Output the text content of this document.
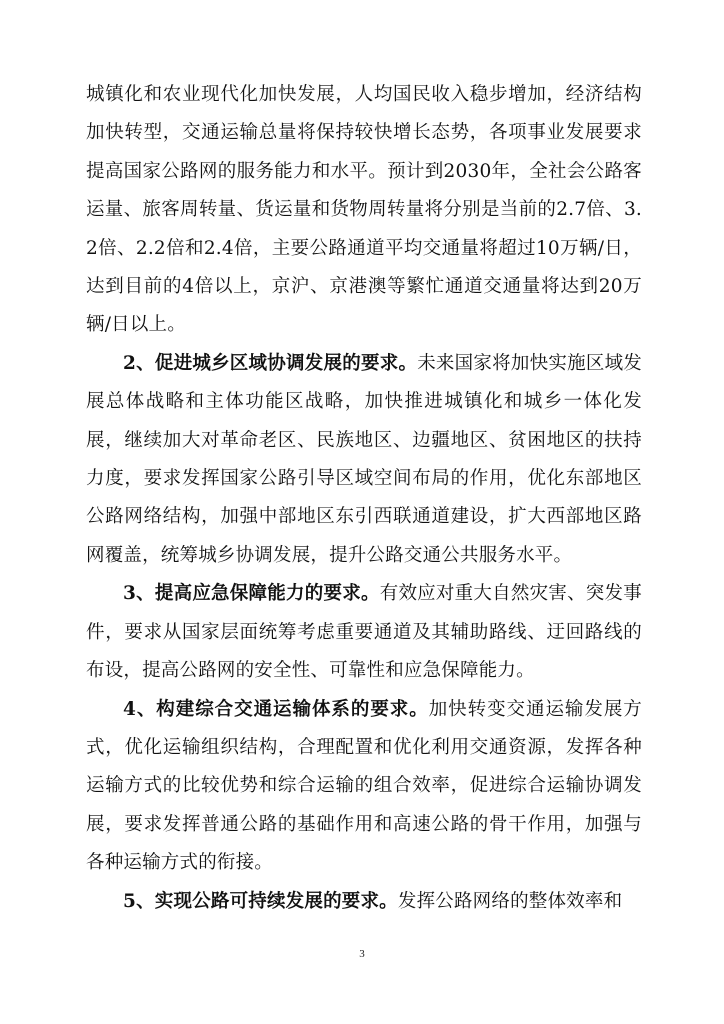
城镇化和农业现代化加快发展，人均国民收入稳步增加，经济结构加快转型，交通运输总量将保持较快增长态势，各项事业发展要求提高国家公路网的服务能力和水平。预计到2030年，全社会公路客运量、旅客周转量、货运量和货物周转量将分别是当前的2.7倍、3.2倍、2.2倍和2.4倍，主要公路通道平均交通量将超过10万辆/日，达到目前的4倍以上，京沪、京港澳等繁忙通道交通量将达到20万辆/日以上。

2、促进城乡区域协调发展的要求。未来国家将加快实施区域发展总体战略和主体功能区战略，加快推进城镇化和城乡一体化发展，继续加大对革命老区、民族地区、边疆地区、贫困地区的扶持力度，要求发挥国家公路引导区域空间布局的作用，优化东部地区公路网络结构，加强中部地区东引西联通道建设，扩大西部地区路网覆盖，统筹城乡协调发展，提升公路交通公共服务水平。

3、提高应急保障能力的要求。有效应对重大自然灾害、突发事件，要求从国家层面统筹考虑重要通道及其辅助路线、迂回路线的布设，提高公路网的安全性、可靠性和应急保障能力。

4、构建综合交通运输体系的要求。加快转变交通运输发展方式，优化运输组织结构，合理配置和优化利用交通资源，发挥各种运输方式的比较优势和综合运输的组合效率，促进综合运输协调发展，要求发挥普通公路的基础作用和高速公路的骨干作用，加强与各种运输方式的衔接。

5、实现公路可持续发展的要求。发挥公路网络的整体效率和

3
